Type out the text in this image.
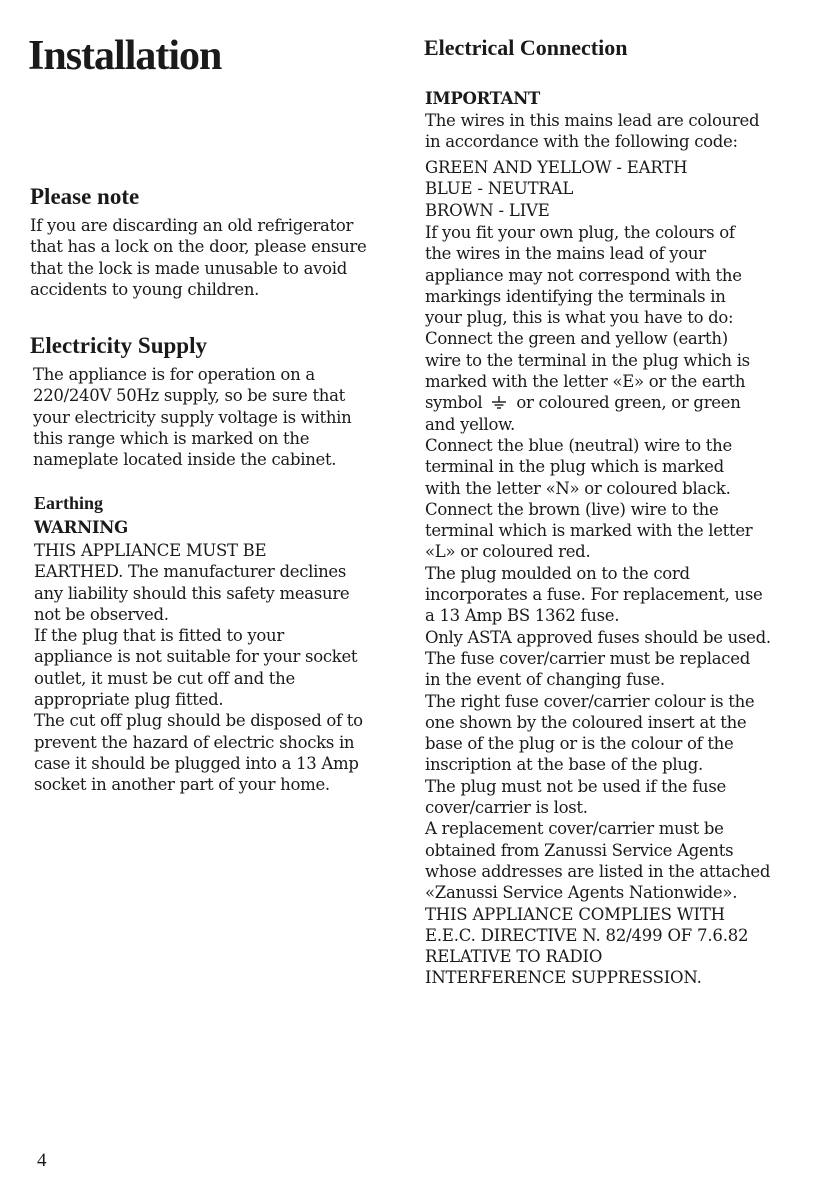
Installation
Please note
If you are discarding an old refrigerator
that has a lock on the door, please ensure
that the lock is made unusable to avoid
accidents to young children.
Electricity Supply
The appliance is for operation on a
220/240V 50Hz supply, so be sure that
your electricity supply voltage is within
this range which is marked on the
nameplate located inside the cabinet.
Earthing
WARNING
THIS APPLIANCE MUST BE
EARTHED. The manufacturer declines
any liability should this safety measure
not be observed.
If the plug that is fitted to your
appliance is not suitable for your socket
outlet, it must be cut off and the
appropriate plug fitted.
The cut off plug should be disposed of to
prevent the hazard of electric shocks in
case it should be plugged into a 13 Amp
socket in another part of your home.
4
Electrical Connection
IMPORTANT
The wires in this mains lead are coloured
in accordance with the following code:
GREEN AND YELLOW - EARTH
BLUE - NEUTRAL
BROWN - LIVE
If you fit your own plug, the colours of
the wires in the mains lead of your
appliance may not correspond with the
markings identifying the terminals in
your plug, this is what you have to do:
Connect the green and yellow (earth)
wire to the terminal in the plug which is
marked with the letter «E» or the earth
symbol or coloured green, or green
and yellow.
Connect the blue (neutral) wire to the
terminal in the plug which is marked
with the letter «N» or coloured black.
Connect the brown (live) wire to the
terminal which is marked with the letter
«L» or coloured red.
The plug moulded on to the cord
incorporates a fuse. For replacement, use
a 13 Amp BS 1362 fuse.
Only ASTA approved fuses should be used.
The fuse cover/carrier must be replaced
in the event of changing fuse.
The right fuse cover/carrier colour is the
one shown by the coloured insert at the
base of the plug or is the colour of the
inscription at the base of the plug.
The plug must not be used if the fuse
cover/carrier is lost.
A replacement cover/carrier must be
obtained from Zanussi Service Agents
whose addresses are listed in the attached
«Zanussi Service Agents Nationwide».
THIS APPLIANCE COMPLIES WITH
E.E.C. DIRECTIVE N. 82/499 OF 7.6.82
RELATIVE TO RADIO
INTERFERENCE SUPPRESSION.
